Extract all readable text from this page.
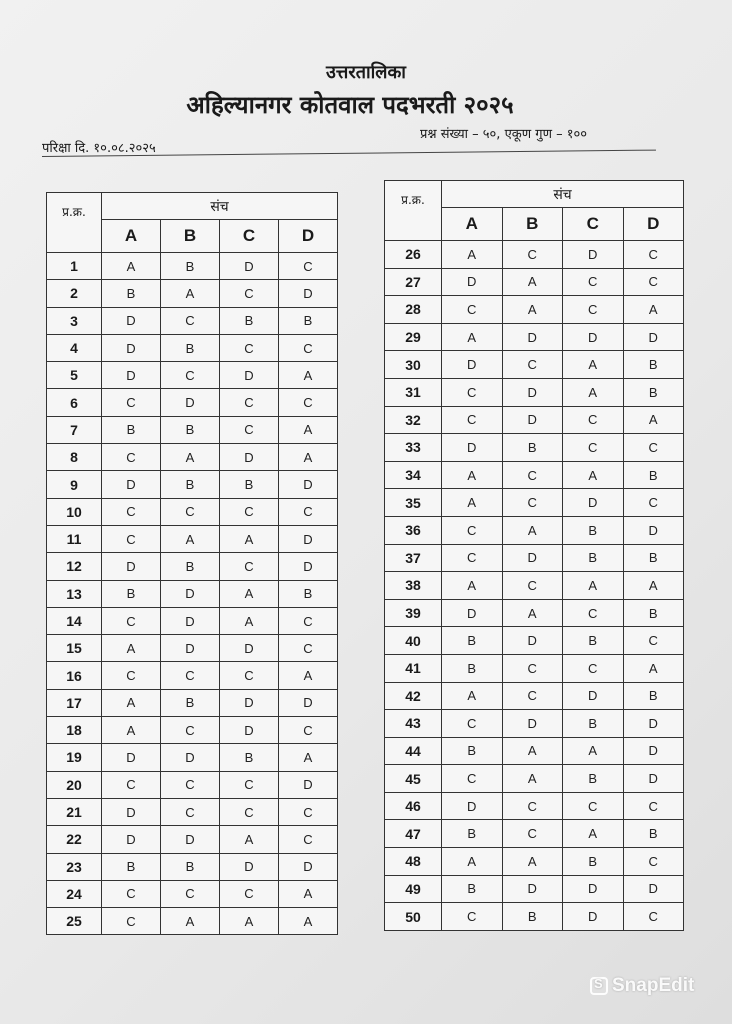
उत्तरतालिका
अहिल्यानगर कोतवाल पदभरती २०२५
परिक्षा दि. १०.०८.२०२५
प्रश्न संख्या – ५०, एकूण गुण – १००
प्र.क्र.	संच			
	A	B	C	D
1	A	B	D	C
2	B	A	C	D
3	D	C	B	B
4	D	B	C	C
5	D	C	D	A
6	C	D	C	C
7	B	B	C	A
8	C	A	D	A
9	D	B	B	D
10	C	C	C	C
11	C	A	A	D
12	D	B	C	D
13	B	D	A	B
14	C	D	A	C
15	A	D	D	C
16	C	C	C	A
17	A	B	D	D
18	A	C	D	C
19	D	D	B	A
20	C	C	C	D
21	D	C	C	C
22	D	D	A	C
23	B	B	D	D
24	C	C	C	A
25	C	A	A	A
प्र.क्र.	संच			
	A	B	C	D
26	A	C	D	C
27	D	A	C	C
28	C	A	C	A
29	A	D	D	D
30	D	C	A	B
31	C	D	A	B
32	C	D	C	A
33	D	B	C	C
34	A	C	A	B
35	A	C	D	C
36	C	A	B	D
37	C	D	B	B
38	A	C	A	A
39	D	A	C	B
40	B	D	B	C
41	B	C	C	A
42	A	C	D	B
43	C	D	B	D
44	B	A	A	D
45	C	A	B	D
46	D	C	C	C
47	B	C	A	B
48	A	A	B	C
49	B	D	D	D
50	C	B	D	C
S
SnapEdit
